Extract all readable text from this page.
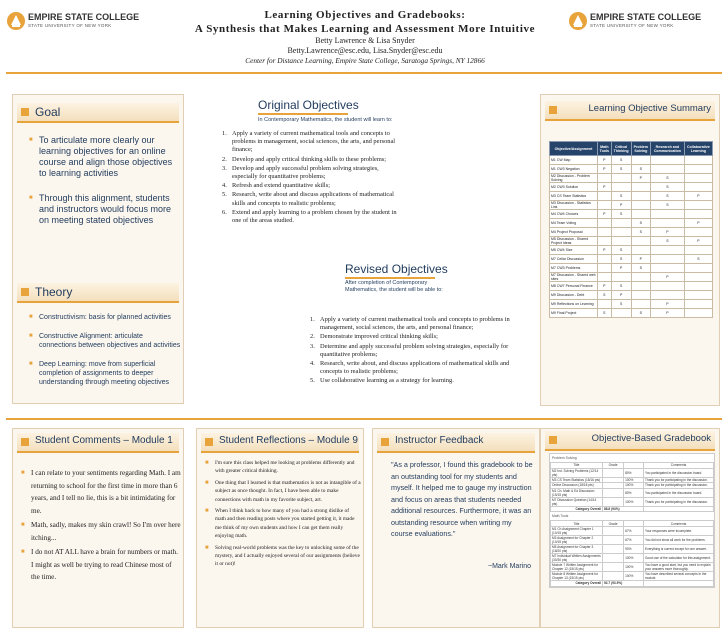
EMPIRE STATE COLLEGE
STATE UNIVERSITY OF NEW YORK
Learning Objectives and Gradebooks:
A Synthesis that Makes Learning and Assessment More Intuitive
Betty Lawrence & Lisa Snyder
Betty.Lawrence@esc.edu, Lisa.Snyder@esc.edu
Center for Distance Learning, Empire State College, Saratoga Springs, NY 12866
EMPIRE STATE COLLEGE
STATE UNIVERSITY OF NEW YORK
Goal
■ To articulate more clearly our learning objectives for an online course and align those objectives to learning activities
■ Through this alignment, students and instructors would focus more on meeting stated objectives
Theory
■ Constructivism: basis for planned activities
■ Constructive Alignment: articulate connections between objectives and activities
■ Deep Learning: move from superficial completion of assignments to deeper understanding through meeting objectives
Original Objectives
In Contemporary Mathematics, the student will learn to:
1. Apply a variety of current mathematical tools and concepts to problems in management, social sciences, the arts, and personal finance;
2. Develop and apply critical thinking skills to these problems;
3. Develop and apply successful problem solving strategies, especially for quantitative problems;
4. Refresh and extend quantitative skills;
5. Research, write about and discuss applications of mathematical skills and concepts to realistic problems;
6. Extend and apply learning to a problem chosen by the student in one of the areas studied.
Revised Objectives
After completion of Contemporary Mathematics, the student will be able to:
1. Apply a variety of current mathematical tools and concepts to problems in management, social sciences, the arts, and personal finance;
2. Demonstrate improved critical thinking skills;
3. Determine and apply successful problem solving strategies, especially for quantitative problems;
4. Research, write about, and discuss applications of mathematical skills and concepts to realistic problems;
5. Use collaborative learning as a strategy for learning.
Learning Objective Summary
Objective/Assignment	Math Tools	Critical Thinking	Problem Solving	Research and Communication	Collaborative Learning
M1 CW Map	P	S			
M1 CW3 Negation	P	S	S		
M2 Discussion - Problem Solving			P	S	
M2 CW3 Solution	P			S	
M3 CS Team Statistics		S		S	P
M3 Discussion - Statistics Link		P		S	
M4 CW4 Choices	P	S			
M4 Team Voting			S		P
M4 Project Proposal			S	P	
M5 Discussion - Shared Project Ideas				S	P
M5 CW4 Size	P	S			
M7 Cellar Discussion		S	P		S
M7 CW3 Problems		P	S		
M7 Discussion - Shared web sites				P	
M8 CW7 Personal Finance	P	S			
M9 Discussion - Debt	S	P			
M9 Reflections on Learning		S		P	
M9 Final Project	S		S	P	
Student Comments – Module 1
■ I can relate to your sentiments regarding Math. I am returning to school for the first time in more than 6 years, and I tell no lie, this is a bit intimidating for me.
■ Math, sadly, makes my skin crawl! So I'm over here itching...
■ I do not AT ALL have a brain for numbers or math. I might as well be trying to read Chinese most of the time.
Student Reflections – Module 9
■ I'm sure this class helped me looking at problems differently and with greater critical thinking.
■ One thing that I learned is that mathematics is not as intangible of a subject as once thought. In fact, I have been able to make connections with math in my favorite subject, art.
■ When I think back to how many of you had a strong dislike of math and then reading posts where you started getting it, it made me think of my own students and how I can get them really enjoying math.
■ Solving real-world problems was the key to unlocking some of the mystery, and I actually enjoyed several of our assignments (believe it or not)!
Instructor Feedback
"As a professor, I found this gradebook to be an outstanding tool for my students and myself. It helped me to gauge my instruction and focus on areas that students needed additional resources. Furthermore, it was an outstanding resource when writing my course evaluations."
~Mark Marino
Objective-Based Gradebook
Problem Solving
Title	Grade		Comments
M2 Ind. Solving Problems (12/14 pts)		80%	You participated in the discussion board.
M3 CS Team Statistics (18/16 pts)		100%	Thank you for participating in the discussion.
Online Discussion (18/18 pts)		100%	Thank you for participating in the discussion.
M1 Ch. Math & Ed Discussion (15/15 pts)		80%	You participated in the discussion board.
M7 Discussion Question (14/14 pts)		100%	Thank you for participating in the discussion.
Category Overall	88.8 (94%)		
Math Tools
Title	Grade		Comments
M1 Ch Assignment Chapter 1 (10/15 pts)		67%	Your responses were incomplete.
M3 Assignment for Chapter 2 (10/15 pts)		67%	You did not show all work for the problems.
M5 Assignment for Chapter 3 (18/20 pts)		90%	Everything is correct except for one answer.
M7 Individual Written Assignments (30/30 pts)		100%	Good use of the calculator for this assignment.
Module 7 Written Assignment for Chapter 12 (15/15 pts)		100%	You have a good start, but you need to explain your answers more thoroughly.
Module 8 Written Assignment for Chapter 13 (15/15 pts)		100%	You have described several concepts in the module.
Category Overall	92.7 (93.9%)		
